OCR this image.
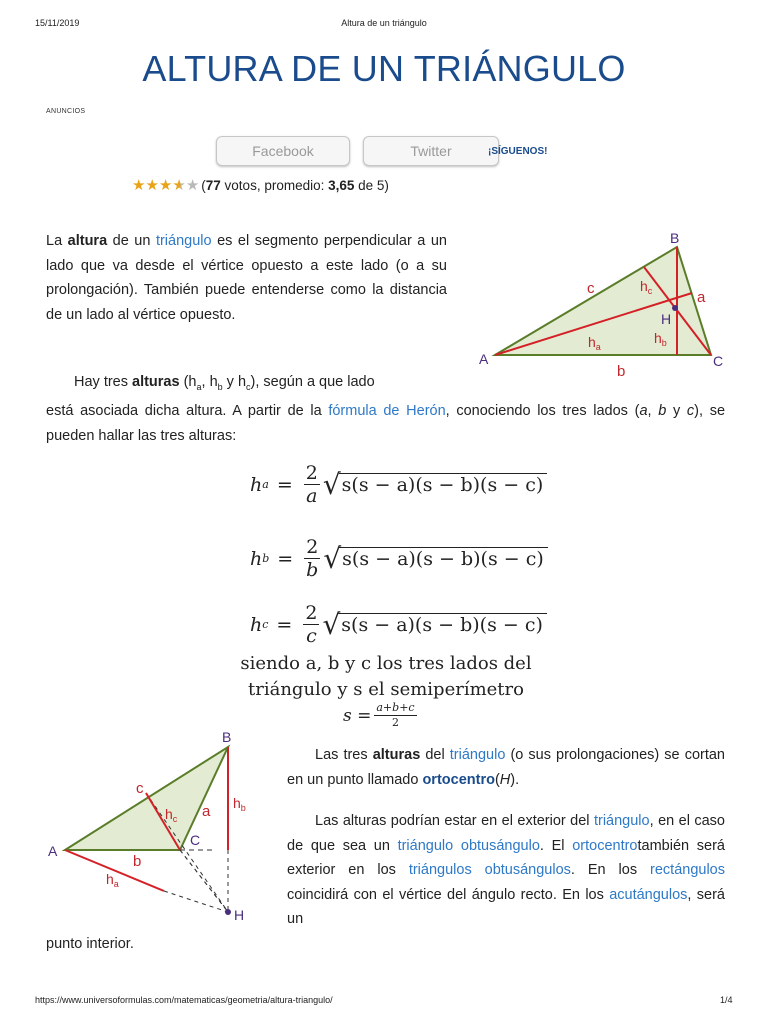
15/11/2019	Altura de un triángulo
ALTURA DE UN TRIÁNGULO
ANUNCIOS
Facebook	Twitter	¡SÍGUENOS!
★ ★ ★ ★ ★ (77 votos, promedio: 3,65 de 5)
La altura de un triángulo es el segmento perpendicular a un lado que va desde el vértice opuesto a este lado (o a su prolongación). También puede entenderse como la distancia de un lado al vértice opuesto.
B
A	C
H
c
a
b
$h_c$
$h_b$
$h_a$
Hay tres alturas ($h_a$, $h_b$ y $h_c$), según a que lado
está asociada dicha altura. A partir de la fórmula de Herón, conociendo los tres lados (a, b y c), se pueden hallar las tres alturas:
h $a = \frac{2}{a}$ √ s(s − a)(s − b)(s − c)
h $b = \frac{2}{b}$ √ s(s − a)(s − b)(s − c)
h $c = \frac{2}{c}$ √ s(s − a)(s − b)(s − c)
siendo a, b y c los tres lados del
triángulo y s el semiperímetro
$s = \frac{a+b+c}{2}$
B
A
C
H
c
a
b
$h_c$
$h_b$
$h_a$
Las tres alturas del triángulo (o sus prolongaciones) se cortan en un punto llamado ortocentro(H).
Las alturas podrían estar en el exterior del triángulo, en el caso de que sea un triángulo obtusángulo. El ortocentrotambién será exterior en los triángulos obtusángulos. En los rectángulos coincidirá con el vértice del ángulo recto. En los acutángulos, será un
punto interior.
https://www.universoformulas.com/matematicas/geometria/altura-triangulo/	1/4
